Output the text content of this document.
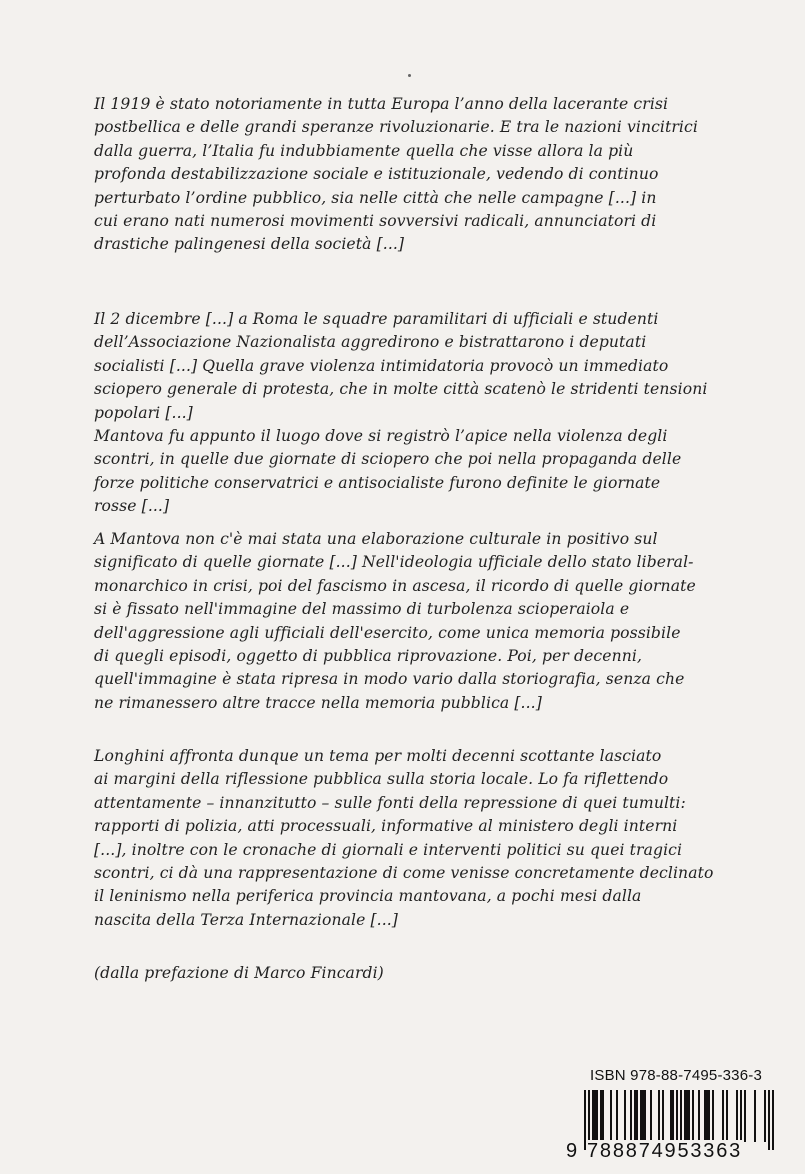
Il 1919 è stato notoriamente in tutta Europa l’anno della lacerante crisi
postbellica e delle grandi speranze rivoluzionarie. E tra le nazioni vincitrici
dalla guerra, l’Italia fu indubbiamente quella che visse allora la più
profonda destabilizzazione sociale e istituzionale, vedendo di continuo
perturbato l’ordine pubblico, sia nelle città che nelle campagne [...] in
cui erano nati numerosi movimenti sovversivi radicali, annunciatori di
drastiche palingenesi della società [...]

Il 2 dicembre [...] a Roma le squadre paramilitari di ufficiali e studenti
dell’Associazione Nazionalista aggredirono e bistrattarono i deputati
socialisti [...] Quella grave violenza intimidatoria provocò un immediato
sciopero generale di protesta, che in molte città scatenò le stridenti tensioni
popolari [...]
Mantova fu appunto il luogo dove si registrò l’apice nella violenza degli
scontri, in quelle due giornate di sciopero che poi nella propaganda delle
forze politiche conservatrici e antisocialiste furono definite le giornate
rosse [...]

A Mantova non c'è mai stata una elaborazione culturale in positivo sul
significato di quelle giornate [...] Nell'ideologia ufficiale dello stato liberal-
monarchico in crisi, poi del fascismo in ascesa, il ricordo di quelle giornate
si è fissato nell'immagine del massimo di turbolenza scioperaiola e
dell'aggressione agli ufficiali dell'esercito, come unica memoria possibile
di quegli episodi, oggetto di pubblica riprovazione. Poi, per decenni,
quell'immagine è stata ripresa in modo vario dalla storiografia, senza che
ne rimanessero altre tracce nella memoria pubblica [...]

Longhini affronta dunque un tema per molti decenni scottante lasciato
ai margini della riflessione pubblica sulla storia locale. Lo fa riflettendo
attentamente – innanzitutto – sulle fonti della repressione di quei tumulti:
rapporti di polizia, atti processuali, informative al ministero degli interni
[...], inoltre con le cronache di giornali e interventi politici su quei tragici
scontri, ci dà una rappresentazione di come venisse concretamente declinato
il leninismo nella periferica provincia mantovana, a pochi mesi dalla
nascita della Terza Internazionale [...]

(dalla prefazione di Marco Fincardi)

ISBN 978-88-7495-336-3
9 788874953363
